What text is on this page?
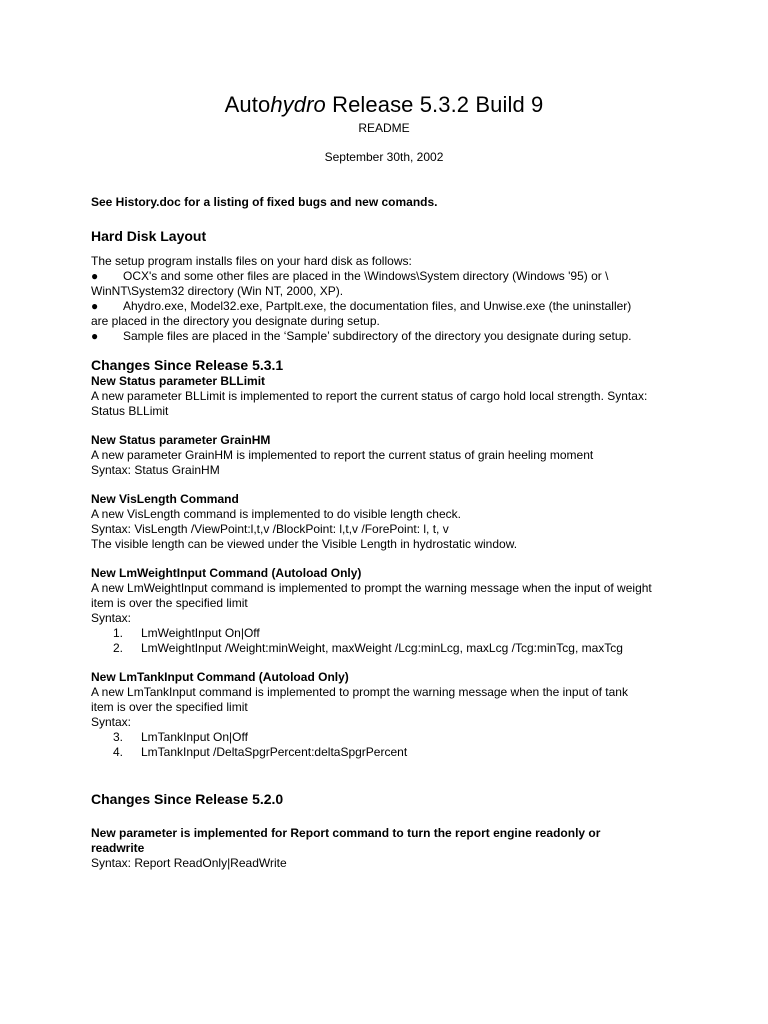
Autohydro Release 5.3.2 Build 9
README
September 30th, 2002

See History.doc for a listing of fixed bugs and new comands.

Hard Disk Layout

The setup program installs files on your hard disk as follows:

●	OCX's and some other files are placed in the \Windows\System directory (Windows '95) or \
WinNT\System32 directory (Win NT, 2000, XP).
●	Ahydro.exe, Model32.exe, Partplt.exe, the documentation files, and Unwise.exe (the uninstaller)
are placed in the directory you designate during setup.
●	Sample files are placed in the ‘Sample’ subdirectory of the directory you designate during setup.
Changes Since Release 5.3.1
New Status parameter BLLimit
A new parameter BLLimit is implemented to report the current status of cargo hold local strength. Syntax:
Status BLLimit
New Status parameter GrainHM
A new parameter GrainHM is implemented to report the current status of grain heeling moment
Syntax: Status GrainHM
New VisLength Command
A new VisLength command is implemented to do visible length check.
Syntax: VisLength /ViewPoint:l,t,v /BlockPoint: l,t,v /ForePoint: l, t, v
The visible length can be viewed under the Visible Length in hydrostatic window.
New LmWeightInput Command (Autoload Only)
A new LmWeightInput command is implemented to prompt the warning message when the input of weight
item is over the specified limit
Syntax:
1.	LmWeightInput On|Off
2.	LmWeightInput /Weight:minWeight, maxWeight /Lcg:minLcg, maxLcg /Tcg:minTcg, maxTcg
New LmTankInput Command (Autoload Only)
A new LmTankInput command is implemented to prompt the warning message when the input of tank
item is over the specified limit
Syntax:
3.	LmTankInput On|Off
4.	LmTankInput /DeltaSpgrPercent:deltaSpgrPercent
Changes Since Release 5.2.0
New parameter is implemented for Report command to turn the report engine readonly or
readwrite
Syntax: Report ReadOnly|ReadWrite
